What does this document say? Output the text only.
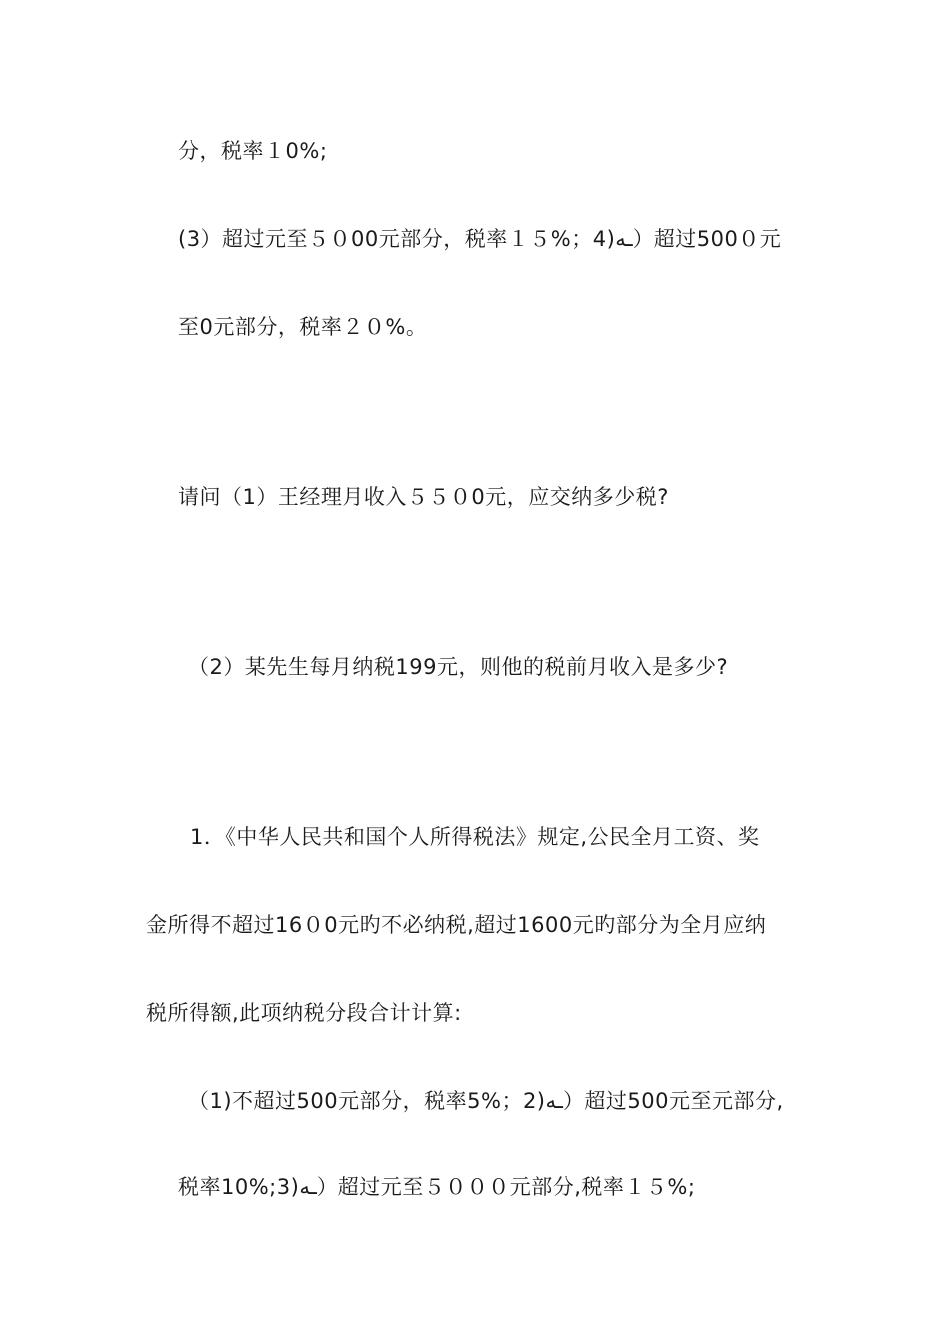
分，税率１0%;
(3）超过元至５０00元部分，税率１５%；4)ـه）超过500０元
至0元部分，税率２０%。
请问（1）王经理月收入５５０0元，应交纳多少税?
（2）某先生每月纳税199元，则他的税前月收入是多少?
1．《中华人民共和国个人所得税法》规定,公民全月工资、奖
金所得不超过16０0元旳不必纳税,超过1600元旳部分为全月应纳
税所得额,此项纳税分段合计计算:
（1)不超过500元部分，税率5%；2)ـه）超过500元至元部分,
税率10%;3)ـه）超过元至５０００元部分,税率１５%;
